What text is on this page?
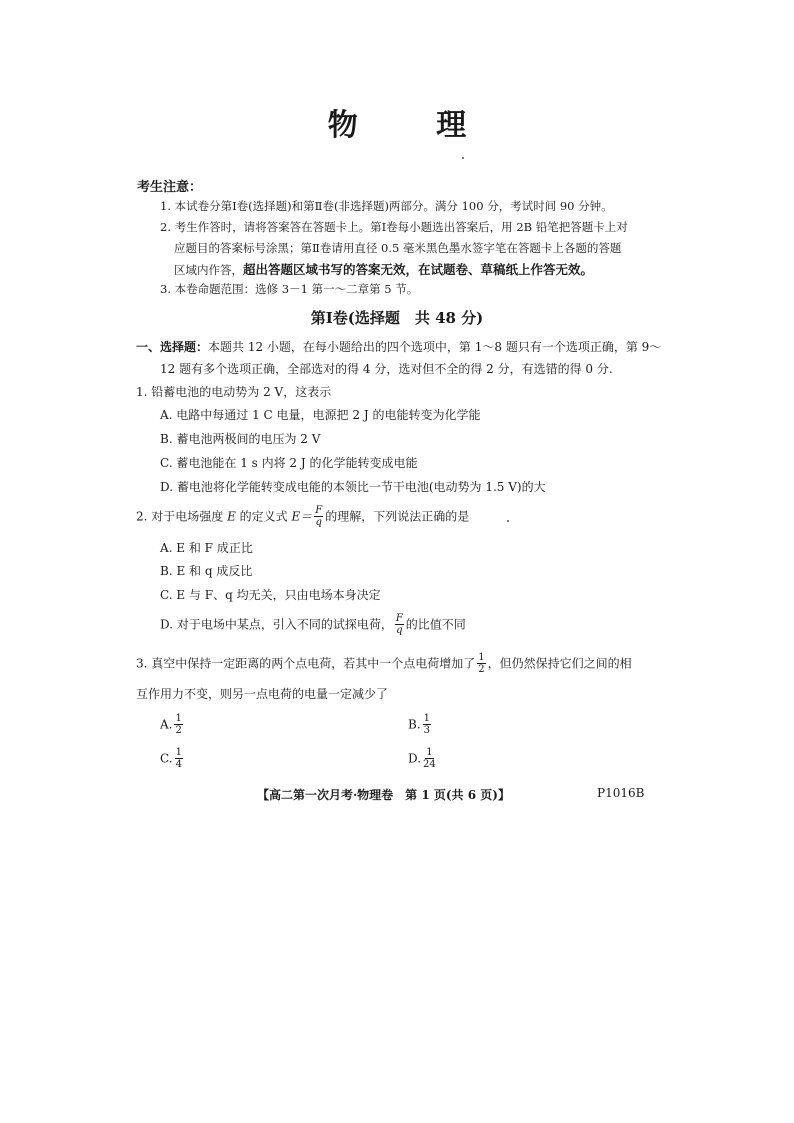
物 理
考生注意：
1. 本试卷分第Ⅰ卷(选择题)和第Ⅱ卷(非选择题)两部分。满分 100 分，考试时间 90 分钟。
2. 考生作答时，请将答案答在答题卡上。第Ⅰ卷每小题选出答案后，用 2B 铅笔把答题卡上对
应题目的答案标号涂黑；第Ⅱ卷请用直径 0.5 毫米黑色墨水签字笔在答题卡上各题的答题
区域内作答，超出答题区域书写的答案无效，在试题卷、草稿纸上作答无效。
3. 本卷命题范围：选修 3－1 第一～二章第 5 节。
第Ⅰ卷(选择题　共 48 分)
一、选择题：本题共 12 小题，在每小题给出的四个选项中，第 1～8 题只有一个选项正确，第 9～
12 题有多个选项正确，全部选对的得 4 分，选对但不全的得 2 分，有选错的得 0 分.
1. 铅蓄电池的电动势为 2 V，这表示
A. 电路中每通过 1 C 电量，电源把 2 J 的电能转变为化学能
B. 蓄电池两极间的电压为 2 V
C. 蓄电池能在 1 s 内将 2 J 的化学能转变成电能
D. 蓄电池将化学能转变成电能的本领比一节干电池(电动势为 1.5 V)的大
2. 对于电场强度 E 的定义式 $E= \frac{F}{q}$ 的理解，下列说法正确的是
A. E 和 F 成正比
B. E 和 q 成反比
C. E 与 F、q 均无关，只由电场本身决定
D. 对于电场中某点，引入不同的试探电荷， $\frac{F}{q}$ 的比值不同
3. 真空中保持一定距离的两个点电荷，若其中一个点电荷增加了 $\frac{1}{2}$ ，但仍然保持它们之间的相
互作用力不变，则另一点电荷的电量一定减少了
A. $\frac{1}{2}$	B. $\frac{1}{3}$
C. $\frac{1}{4}$	D. $\frac{1}{24}$
【高二第一次月考·物理卷　第 1 页(共 6 页)】	P1016B
